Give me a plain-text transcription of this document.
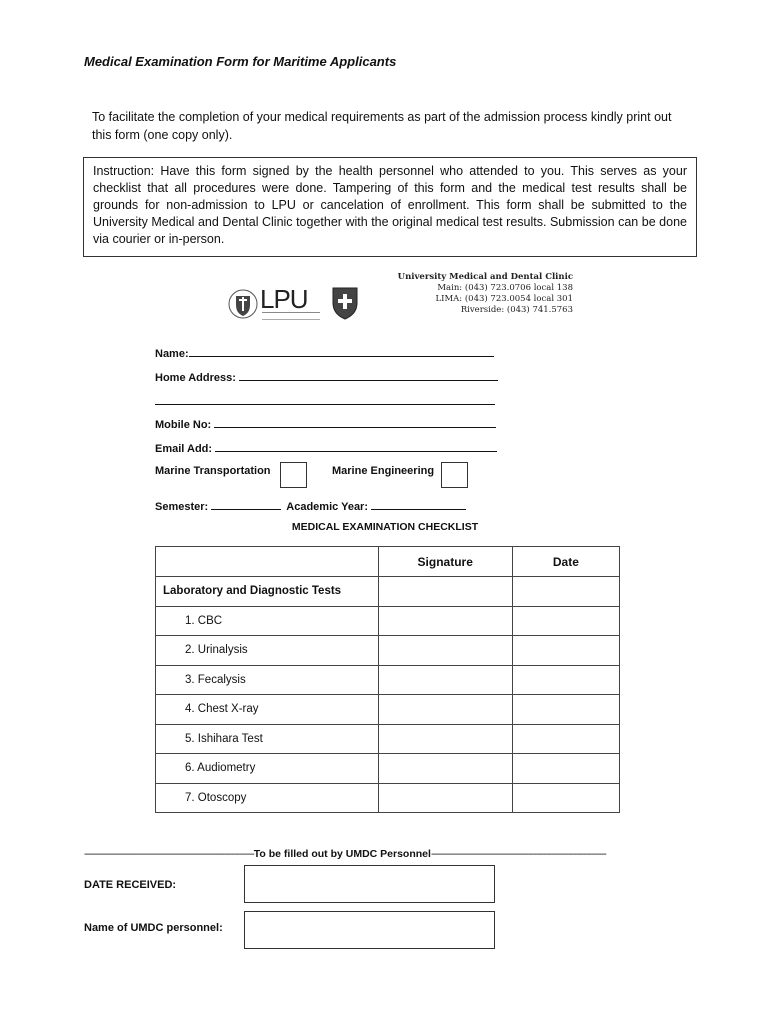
Medical Examination Form for Maritime Applicants
To facilitate the completion of your medical requirements as part of the admission process kindly print out this form (one copy only).
Instruction: Have this form signed by the health personnel who attended to you. This serves as your checklist that all procedures were done. Tampering of this form and the medical test results shall be grounds for non-admission to LPU or cancelation of enrollment. This form shall be submitted to the University Medical and Dental Clinic together with the original medical test results. Submission can be done via courier or in-person.
LPU
University Medical and Dental Clinic
Main: (043) 723.0706 local 138
LIMA: (043) 723.0054 local 301
Riverside: (043) 741.5763
Name:
Home Address:
Mobile No:
Email Add:
Marine Transportation	Marine Engineering
Semester:	Academic Year:
MEDICAL EXAMINATION CHECKLIST
	Signature	Date
Laboratory and Diagnostic Tests		
1. CBC		
2. Urinalysis		
3. Fecalysis		
4. Chest X-ray		
5. Ishihara Test		
6. Audiometry		
7. Otoscopy		
--------------------------------------------------------------------To be filled out by UMDC Personnel----------------------------------------------------------------------
DATE RECEIVED:
Name of UMDC personnel:
